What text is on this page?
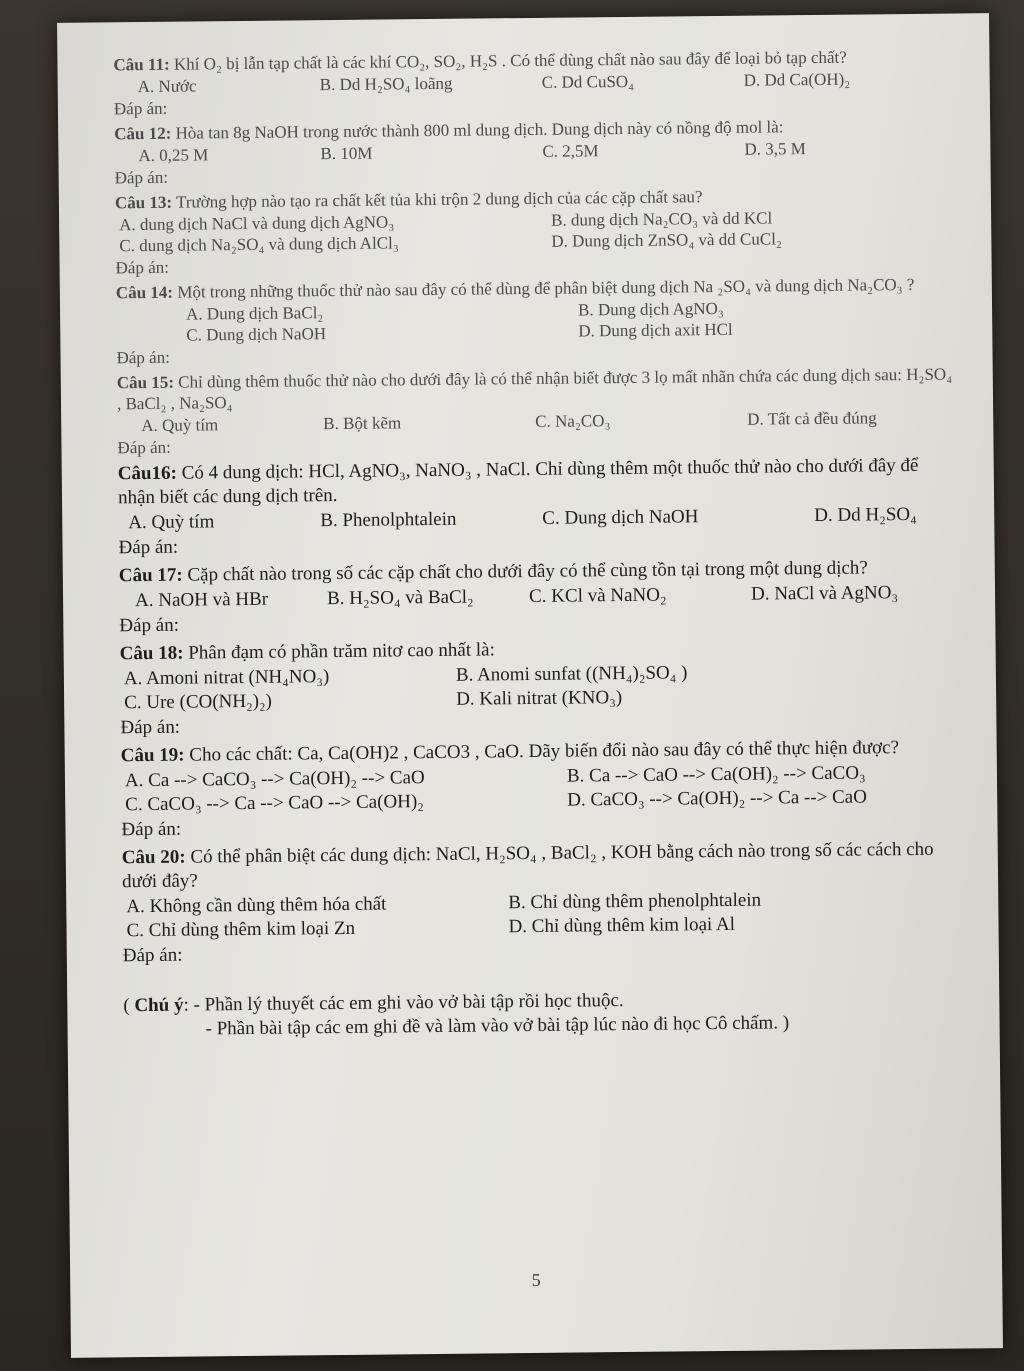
Câu 11: Khí O₂ bị lẫn tạp chất là các khí CO₂, SO₂, H₂S . Có thể dùng chất nào sau đây để loại bỏ tạp chất?
A. Nước	B. Dd H₂SO₄ loãng	C. Dd CuSO₄	D. Dd Ca(OH)₂
Đáp án:
Câu 12: Hòa tan 8g NaOH trong nước thành 800 ml dung dịch. Dung dịch này có nồng độ mol là:
A. 0,25 M	B. 10M	C. 2,5M	D. 3,5 M
Đáp án:
Câu 13: Trường hợp nào tạo ra chất kết tủa khi trộn 2 dung dịch của các cặp chất sau?
A. dung dịch NaCl và dung dịch AgNO₃	B. dung dịch Na₂CO₃ và dd KCl
C. dung dịch Na₂SO₄ và dung dịch AlCl₃	D. Dung dịch ZnSO₄ và dd CuCl₂
Đáp án:
Câu 14: Một trong những thuốc thử nào sau đây có thể dùng để phân biệt dung dịch Na ₂SO₄ và dung dịch Na₂CO₃ ?
A. Dung dịch BaCl₂	B. Dung dịch AgNO₃
C. Dung dịch NaOH	D. Dung dịch axit HCl
Đáp án:
Câu 15: Chỉ dùng thêm thuốc thử nào cho dưới đây là có thể nhận biết được 3 lọ mất nhãn chứa các dung dịch sau: H₂SO₄ , BaCl₂ , Na₂SO₄
A. Quỳ tím	B. Bột kẽm	C. Na₂CO₃	D. Tất cả đều đúng
Đáp án:
Câu16: Có 4 dung dịch: HCl, AgNO₃, NaNO₃ , NaCl. Chỉ dùng thêm một thuốc thử nào cho dưới đây để nhận biết các dung dịch trên.
A. Quỳ tím	B. Phenolphtalein	C. Dung dịch NaOH	D. Dd H₂SO₄
Đáp án:
Câu 17: Cặp chất nào trong số các cặp chất cho dưới đây có thể cùng tồn tại trong một dung dịch?
A. NaOH và HBr	B. H₂SO₄ và BaCl₂	C. KCl và NaNO₂	D. NaCl và AgNO₃
Đáp án:
Câu 18: Phân đạm có phần trăm nitơ cao nhất là:
A. Amoni nitrat (NH₄NO₃)	B. Anomi sunfat ((NH₄)₂SO₄ )
C. Ure (CO(NH₂)₂)	D. Kali nitrat (KNO₃)
Đáp án:
Câu 19: Cho các chất: Ca, Ca(OH)2 , CaCO3 , CaO. Dãy biến đổi nào sau đây có thể thực hiện được?
A. Ca --> CaCO₃ --> Ca(OH)₂ --> CaO	B. Ca --> CaO --> Ca(OH)₂ --> CaCO₃
C. CaCO₃ --> Ca --> CaO --> Ca(OH)₂	D. CaCO₃ --> Ca(OH)₂ --> Ca --> CaO
Đáp án:
Câu 20: Có thể phân biệt các dung dịch: NaCl, H₂SO₄ , BaCl₂ , KOH bằng cách nào trong số các cách cho dưới đây?
A. Không cần dùng thêm hóa chất	B. Chỉ dùng thêm phenolphtalein
C. Chỉ dùng thêm kim loại Zn	D. Chỉ dùng thêm kim loại Al
Đáp án:
( Chú ý: - Phần lý thuyết các em ghi vào vở bài tập rồi học thuộc.
- Phần bài tập các em ghi đề và làm vào vở bài tập lúc nào đi học Cô chấm. )
5
